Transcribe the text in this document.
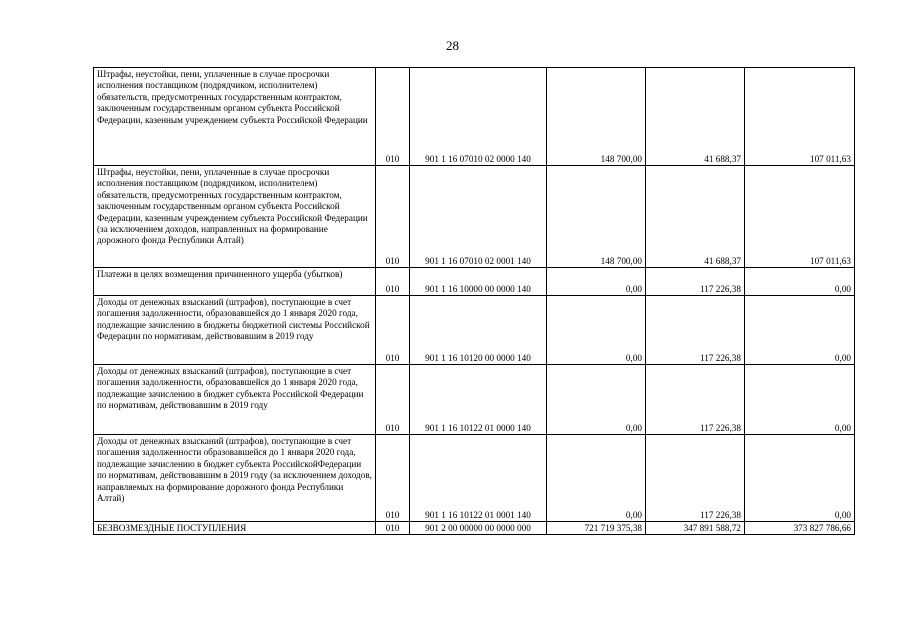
28
Штрафы, неустойки, пени, уплаченные в случае просрочки исполнения поставщиком (подрядчиком, исполнителем) обязательств, предусмотренных государственным контрактом, заключенным государственным органом субъекта Российской Федерации, казенным учреждением субъекта Российской Федерации	010	901 1 16 07010 02 0000 140	148 700,00	41 688,37	107 011,63
Штрафы, неустойки, пени, уплаченные в случае просрочки исполнения поставщиком (подрядчиком, исполнителем) обязательств, предусмотренных государственным контрактом, заключенным государственным органом субъекта Российской Федерации, казенным учреждением субъекта Российской Федерации (за исключением доходов, направленных на формирование дорожного фонда Республики Алтай)	010	901 1 16 07010 02 0001 140	148 700,00	41 688,37	107 011,63
Платежи в целях возмещения причиненного ущерба (убытков)	010	901 1 16 10000 00 0000 140	0,00	117 226,38	0,00
Доходы от денежных взысканий (штрафов), поступающие в счет погашения задолженности, образовавшейся до 1 января 2020 года, подлежащие зачислению в бюджеты бюджетной системы Российской Федерации по нормативам, действовавшим в 2019 году	010	901 1 16 10120 00 0000 140	0,00	117 226,38	0,00
Доходы от денежных взысканий (штрафов), поступающие в счет погашения задолженности, образовавшейся до 1 января 2020 года, подлежащие зачислению в бюджет субъекта Российской Федерации по нормативам, действовавшим в 2019 году	010	901 1 16 10122 01 0000 140	0,00	117 226,38	0,00
Доходы от денежных взысканий (штрафов), поступающие в счет погашения задолженности образовавшейся до 1 января 2020 года, подлежащие зачислению в бюджет субъекта РоссийскойФедерации по нормативам, действовавшим в 2019 году (за исключением доходов, направляемых на формирование дорожного фонда Республики Алтай)	010	901 1 16 10122 01 0001 140	0,00	117 226,38	0,00
БЕЗВОЗМЕЗДНЫЕ ПОСТУПЛЕНИЯ	010	901 2 00 00000 00 0000 000	721 719 375,38	347 891 588,72	373 827 786,66
